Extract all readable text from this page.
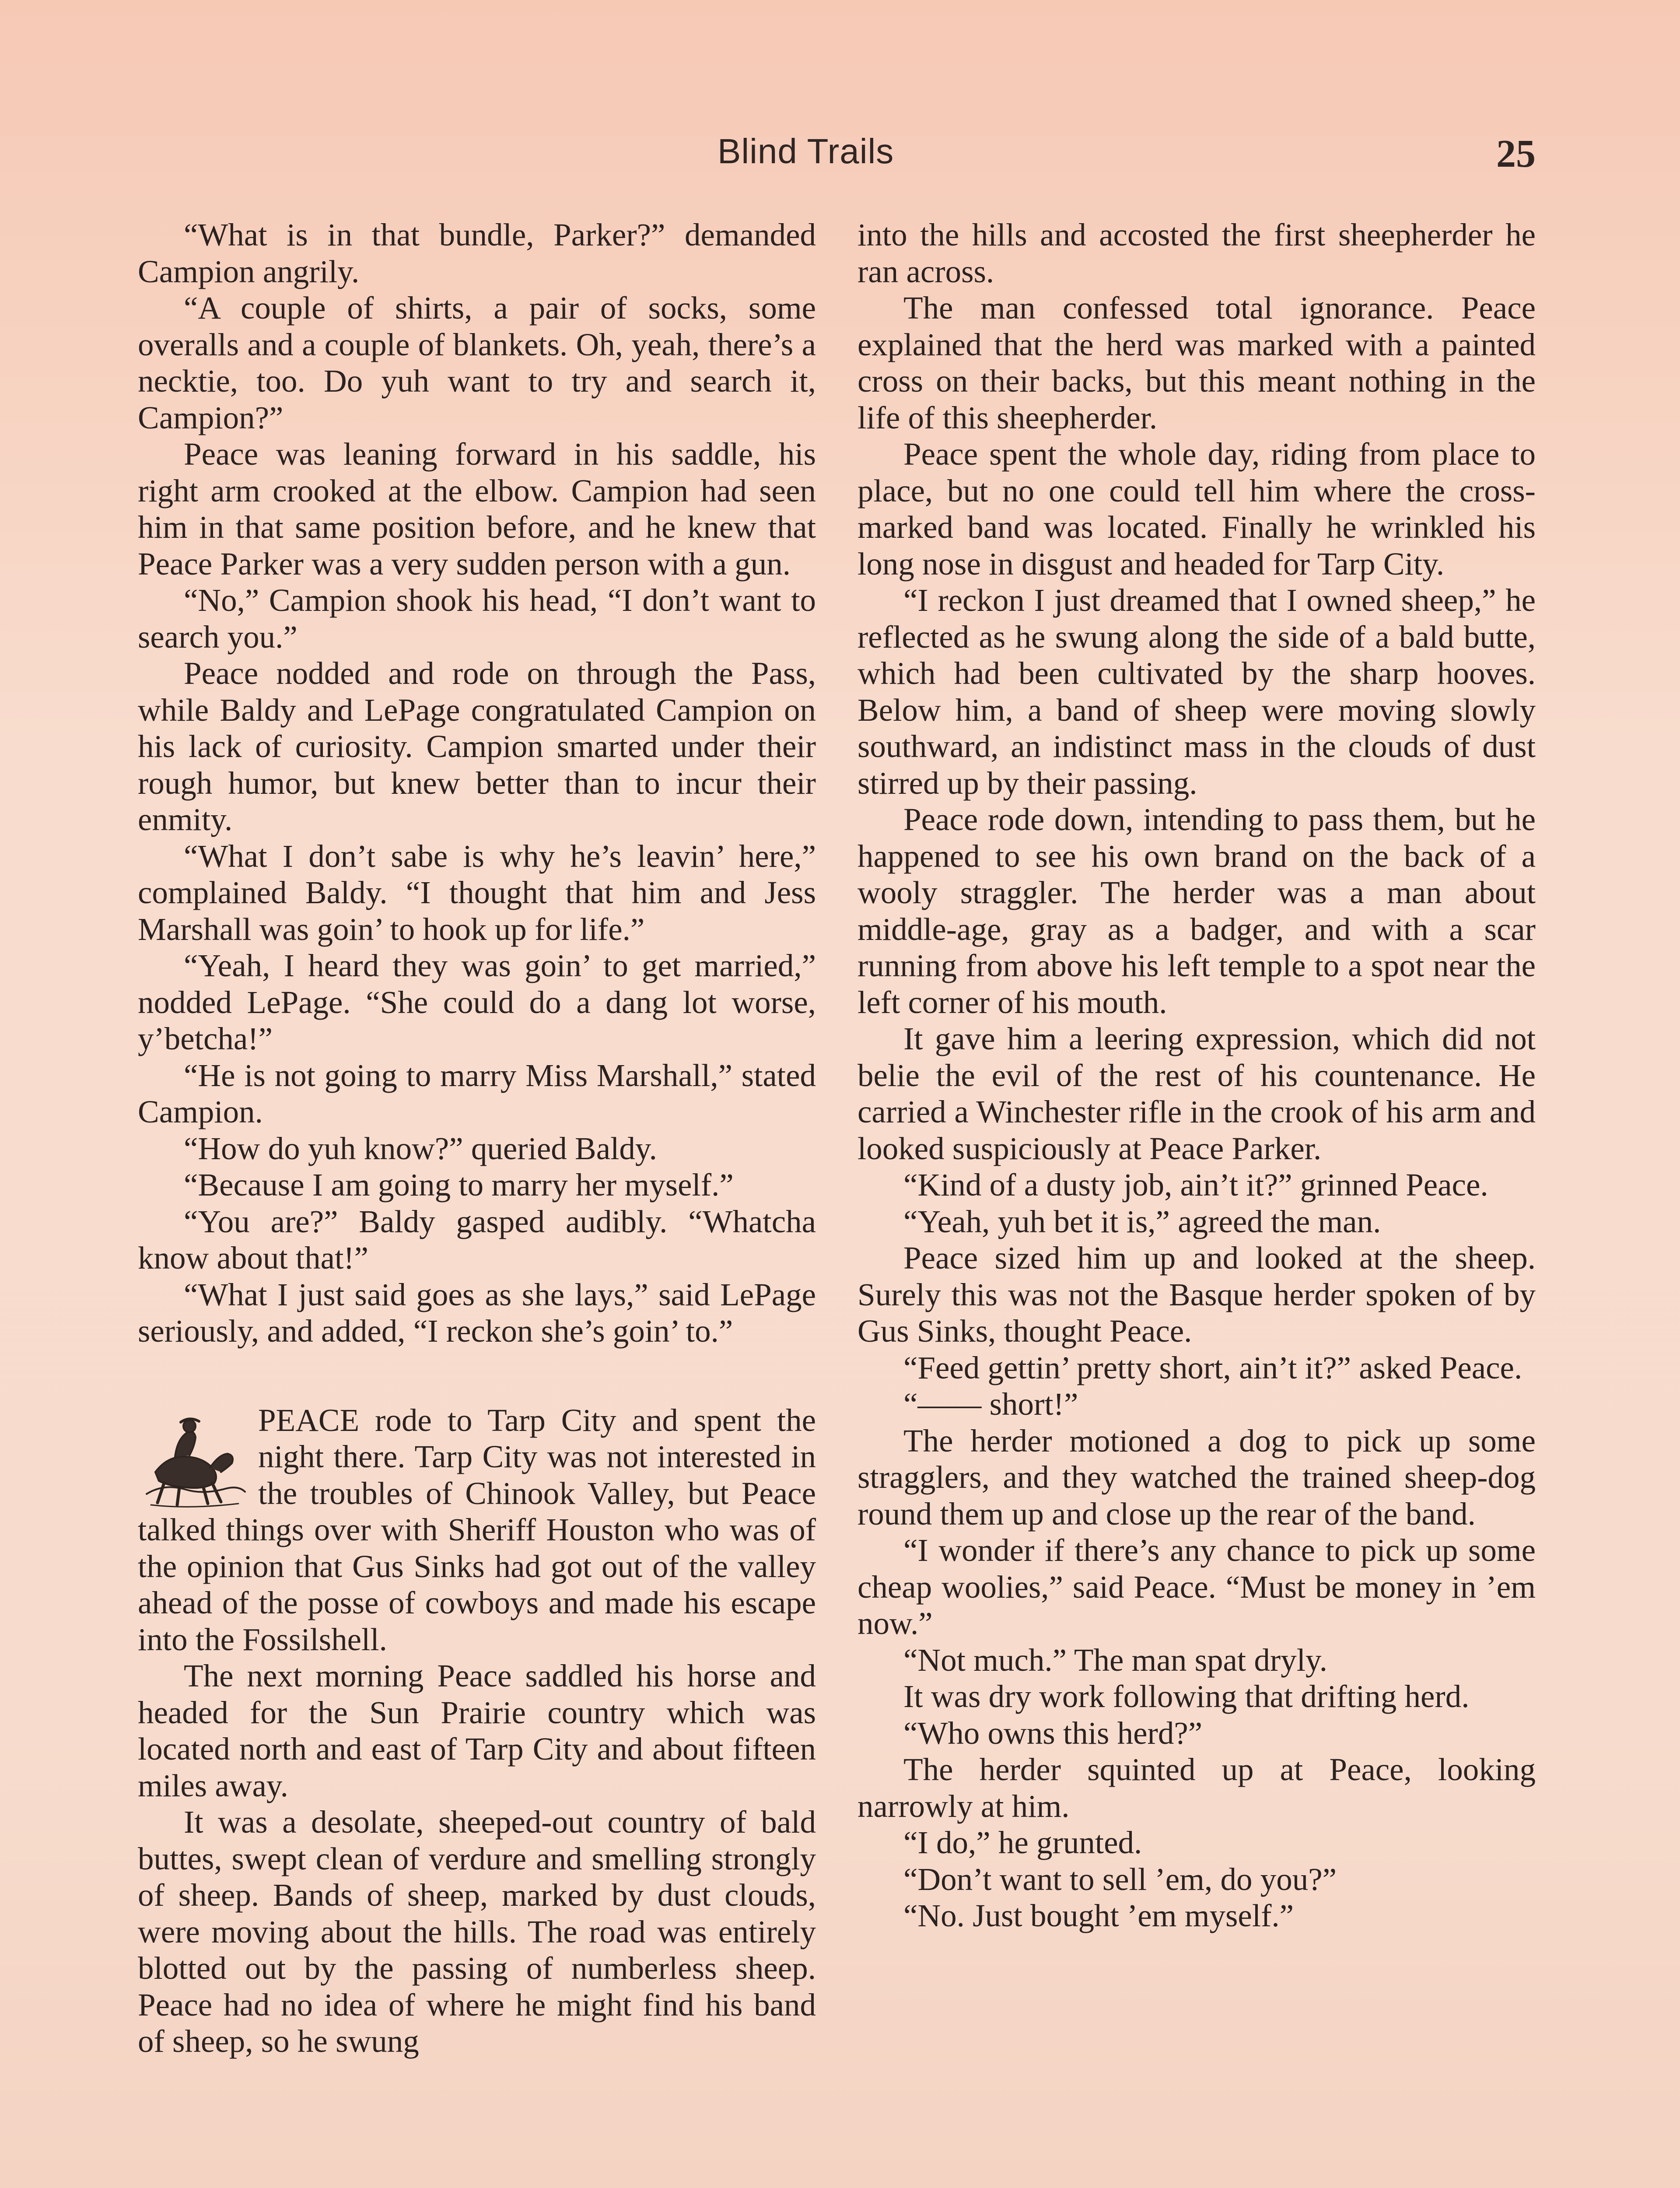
Blind Trails	25

“What is in that bundle, Parker?” demanded Campion angrily.

“A couple of shirts, a pair of socks, some overalls and a couple of blankets. Oh, yeah, there’s a necktie, too. Do yuh want to try and search it, Campion?”

Peace was leaning forward in his saddle, his right arm crooked at the elbow. Campion had seen him in that same position before, and he knew that Peace Parker was a very sudden person with a gun.

“No,” Campion shook his head, “I don’t want to search you.”

Peace nodded and rode on through the Pass, while Baldy and LePage congratulated Campion on his lack of curiosity. Campion smarted under their rough humor, but knew better than to incur their enmity.

“What I don’t sabe is why he’s leavin’ here,” complained Baldy. “I thought that him and Jess Marshall was goin’ to hook up for life.”

“Yeah, I heard they was goin’ to get married,” nodded LePage. “She could do a dang lot worse, y’betcha!”

“He is not going to marry Miss Marshall,” stated Campion.

“How do yuh know?” queried Baldy.

“Because I am going to marry her myself.”

“You are?” Baldy gasped audibly. “Whatcha know about that!”

“What I just said goes as she lays,” said LePage seriously, and added, “I reckon she’s goin’ to.”

PEACE rode to Tarp City and spent the night there. Tarp City was not interested in the troubles of Chinook Valley, but Peace talked things over with Sheriff Houston who was of the opinion that Gus Sinks had got out of the valley ahead of the posse of cowboys and made his escape into the Fossilshell.

The next morning Peace saddled his horse and headed for the Sun Prairie country which was located north and east of Tarp City and about fifteen miles away.

It was a desolate, sheeped-out country of bald buttes, swept clean of verdure and smelling strongly of sheep. Bands of sheep, marked by dust clouds, were moving about the hills. The road was entirely blotted out by the passing of numberless sheep. Peace had no idea of where he might find his band of sheep, so he swung

into the hills and accosted the first sheepherder he ran across.

The man confessed total ignorance. Peace explained that the herd was marked with a painted cross on their backs, but this meant nothing in the life of this sheepherder.

Peace spent the whole day, riding from place to place, but no one could tell him where the cross-marked band was located. Finally he wrinkled his long nose in disgust and headed for Tarp City.

“I reckon I just dreamed that I owned sheep,” he reflected as he swung along the side of a bald butte, which had been cultivated by the sharp hooves. Below him, a band of sheep were moving slowly southward, an indistinct mass in the clouds of dust stirred up by their passing.

Peace rode down, intending to pass them, but he happened to see his own brand on the back of a wooly straggler. The herder was a man about middle-age, gray as a badger, and with a scar running from above his left temple to a spot near the left corner of his mouth.

It gave him a leering expression, which did not belie the evil of the rest of his countenance. He carried a Winchester rifle in the crook of his arm and looked suspiciously at Peace Parker.

“Kind of a dusty job, ain’t it?” grinned Peace.

“Yeah, yuh bet it is,” agreed the man.

Peace sized him up and looked at the sheep. Surely this was not the Basque herder spoken of by Gus Sinks, thought Peace.

“Feed gettin’ pretty short, ain’t it?” asked Peace.

“—— short!”

The herder motioned a dog to pick up some stragglers, and they watched the trained sheep-dog round them up and close up the rear of the band.

“I wonder if there’s any chance to pick up some cheap woolies,” said Peace. “Must be money in ’em now.”

“Not much.” The man spat dryly.

It was dry work following that drifting herd.

“Who owns this herd?”

The herder squinted up at Peace, looking narrowly at him.

“I do,” he grunted.

“Don’t want to sell ’em, do you?”

“No. Just bought ’em myself.”
